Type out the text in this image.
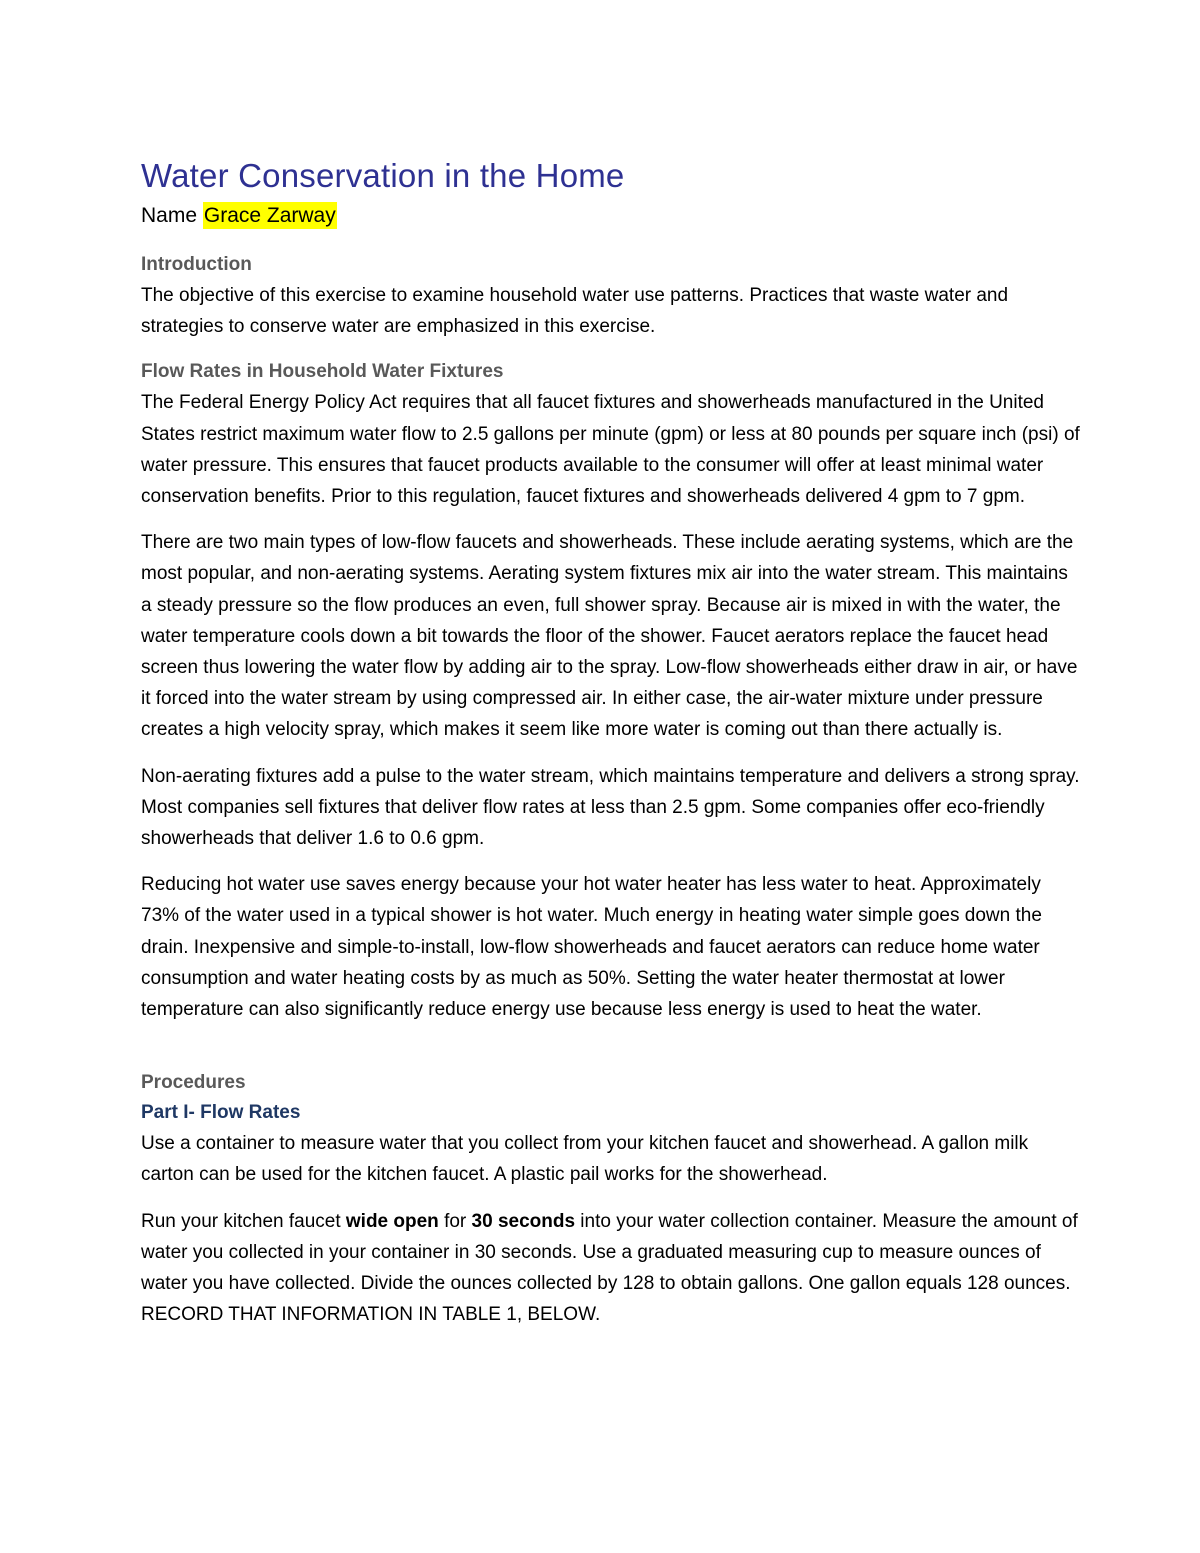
Water Conservation in the Home
Name Grace Zarway
Introduction

The objective of this exercise to examine household water use patterns. Practices that waste water and strategies to conserve water are emphasized in this exercise.

Flow Rates in Household Water Fixtures

The Federal Energy Policy Act requires that all faucet fixtures and showerheads manufactured in the United States restrict maximum water flow to 2.5 gallons per minute (gpm) or less at 80 pounds per square inch (psi) of water pressure. This ensures that faucet products available to the consumer will offer at least minimal water conservation benefits. Prior to this regulation, faucet fixtures and showerheads delivered 4 gpm to 7 gpm.

There are two main types of low-flow faucets and showerheads. These include aerating systems, which are the most popular, and non-aerating systems. Aerating system fixtures mix air into the water stream. This maintains a steady pressure so the flow produces an even, full shower spray. Because air is mixed in with the water, the water temperature cools down a bit towards the floor of the shower. Faucet aerators replace the faucet head screen thus lowering the water flow by adding air to the spray. Low-flow showerheads either draw in air, or have it forced into the water stream by using compressed air. In either case, the air-water mixture under pressure creates a high velocity spray, which makes it seem like more water is coming out than there actually is.

Non-aerating fixtures add a pulse to the water stream, which maintains temperature and delivers a strong spray. Most companies sell fixtures that deliver flow rates at less than 2.5 gpm. Some companies offer eco-friendly showerheads that deliver 1.6 to 0.6 gpm.

Reducing hot water use saves energy because your hot water heater has less water to heat. Approximately 73% of the water used in a typical shower is hot water. Much energy in heating water simple goes down the drain. Inexpensive and simple-to-install, low-flow showerheads and faucet aerators can reduce home water consumption and water heating costs by as much as 50%. Setting the water heater thermostat at lower temperature can also significantly reduce energy use because less energy is used to heat the water.

Procedures
Part I- Flow Rates

Use a container to measure water that you collect from your kitchen faucet and showerhead. A gallon milk carton can be used for the kitchen faucet. A plastic pail works for the showerhead.

Run your kitchen faucet wide open for 30 seconds into your water collection container. Measure the amount of water you collected in your container in 30 seconds. Use a graduated measuring cup to measure ounces of water you have collected. Divide the ounces collected by 128 to obtain gallons. One gallon equals 128 ounces. RECORD THAT INFORMATION IN TABLE 1, BELOW.
